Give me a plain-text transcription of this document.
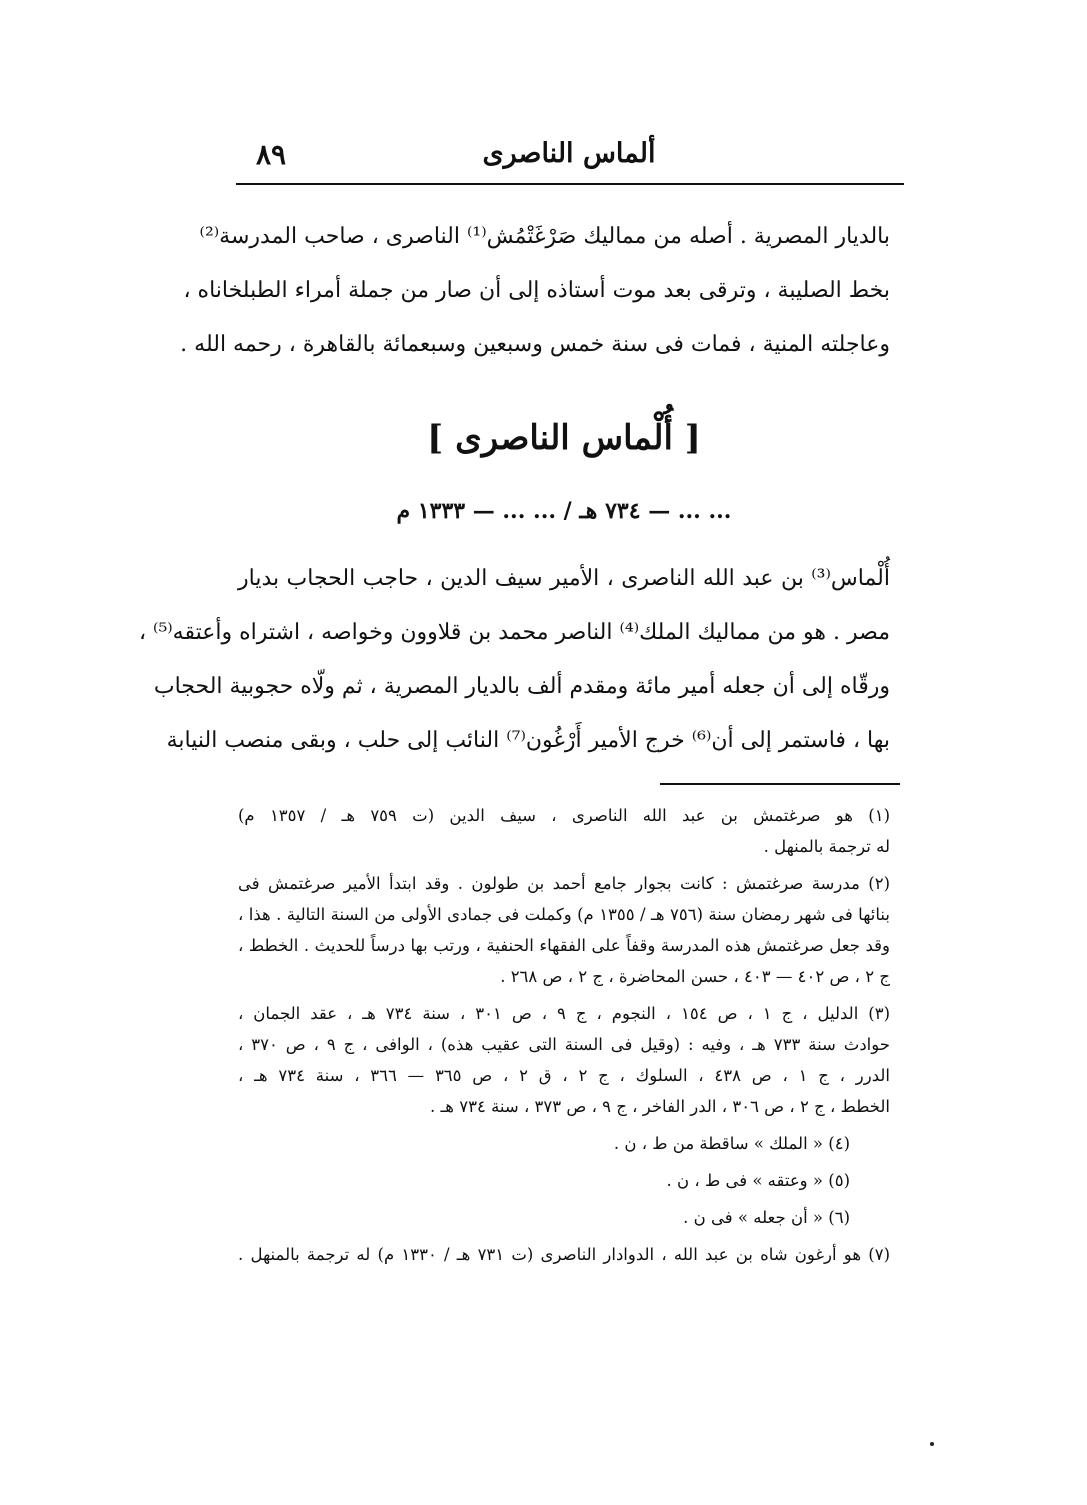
٨٩	ألماس الناصرى
بالديار المصرية . أصله من مماليك صَرْغَتْمُش⁽¹⁾ الناصرى ، صاحب المدرسة⁽²⁾
بخط الصليبة ، وترقى بعد موت أستاذه إلى أن صار من جملة أمراء الطبلخاناه ،
وعاجلته المنية ، فمات فى سنة خمس وسبعين وسبعمائة بالقاهرة ، رحمه الله .
[ أُلْماس الناصرى ]
... ... — ٧٣٤ هـ / ... ... — ١٣٣٣ م
أُلْماس⁽³⁾ بن عبد الله الناصرى ، الأمير سيف الدين ، حاجب الحجاب بديار
مصر . هو من مماليك الملك⁽⁴⁾ الناصر محمد بن قلاوون وخواصه ، اشتراه وأعتقه⁽⁵⁾ ،
ورقّاه إلى أن جعله أمير مائة ومقدم ألف بالديار المصرية ، ثم ولّاه حجوبية الحجاب
بها ، فاستمر إلى أن⁽⁶⁾ خرج الأمير أَرْغُون⁽⁷⁾ النائب إلى حلب ، وبقى منصب النيابة
(١) هو صرغتمش بن عبد الله الناصرى ، سيف الدين (ت ٧٥٩ هـ / ١٣٥٧ م)
له ترجمة بالمنهل .
(٢) مدرسة صرغتمش : كانت بجوار جامع أحمد بن طولون . وقد ابتدأ الأمير صرغتمش فى
بنائها فى شهر رمضان سنة (٧٥٦ هـ / ١٣٥٥ م) وكملت فى جمادى الأولى من السنة التالية . هذا ،
وقد جعل صرغتمش هذه المدرسة وقفاً على الفقهاء الحنفية ، ورتب بها درساً للحديث . الخطط ،
ج ٢ ، ص ٤٠٢ — ٤٠٣ ، حسن المحاضرة ، ج ٢ ، ص ٢٦٨ .
(٣) الدليل ، ج ١ ، ص ١٥٤ ، النجوم ، ج ٩ ، ص ٣٠١ ، سنة ٧٣٤ هـ ، عقد الجمان ،
حوادث سنة ٧٣٣ هـ ، وفيه : (وقيل فى السنة التى عقيب هذه) ، الوافى ، ج ٩ ، ص ٣٧٠ ،
الدرر ، ج ١ ، ص ٤٣٨ ، السلوك ، ج ٢ ، ق ٢ ، ص ٣٦٥ — ٣٦٦ ، سنة ٧٣٤ هـ ،
الخطط ، ج ٢ ، ص ٣٠٦ ، الدر الفاخر ، ج ٩ ، ص ٣٧٣ ، سنة ٧٣٤ هـ .
(٤) « الملك » ساقطة من ط ، ن .
(٥) « وعتقه » فى ط ، ن .
(٦) « أن جعله » فى ن .
(٧) هو أرغون شاه بن عبد الله ، الدوادار الناصرى (ت ٧٣١ هـ / ١٣٣٠ م) له ترجمة بالمنهل .
